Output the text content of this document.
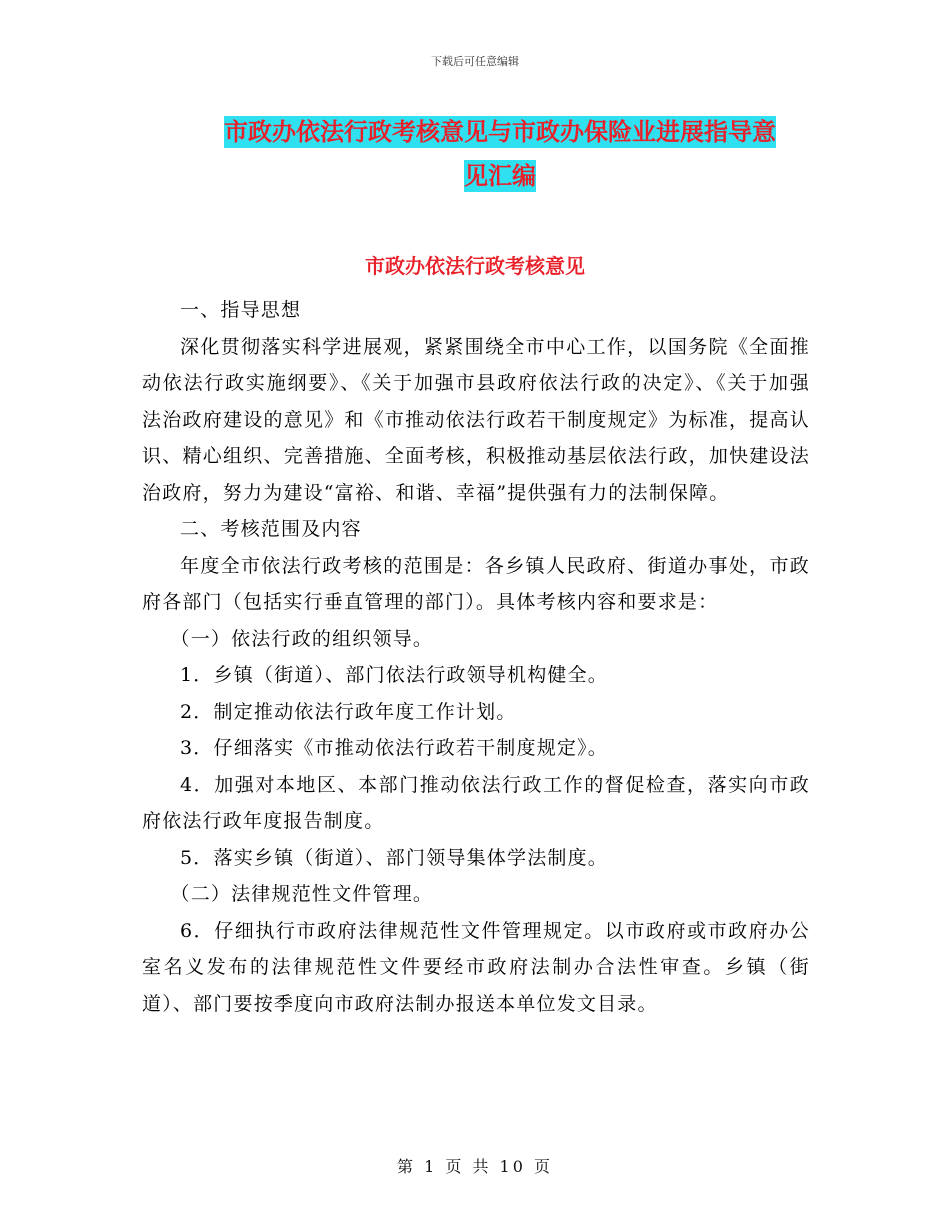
下载后可任意编辑
市政办依法行政考核意见与市政办保险业进展指导意
见汇编
市政办依法行政考核意见

一、指导思想

深化贯彻落实科学进展观，紧紧围绕全市中心工作，以国务院《全面推动依法行政实施纲要》、《关于加强市县政府依法行政的决定》、《关于加强法治政府建设的意见》和《市推动依法行政若干制度规定》为标准，提高认识、精心组织、完善措施、全面考核，积极推动基层依法行政，加快建设法治政府，努力为建设“富裕、和谐、幸福”提供强有力的法制保障。

二、考核范围及内容

年度全市依法行政考核的范围是：各乡镇人民政府、街道办事处，市政府各部门（包括实行垂直管理的部门）。具体考核内容和要求是：

（一）依法行政的组织领导。

1．乡镇（街道）、部门依法行政领导机构健全。

2．制定推动依法行政年度工作计划。

3．仔细落实《市推动依法行政若干制度规定》。

4．加强对本地区、本部门推动依法行政工作的督促检查，落实向市政府依法行政年度报告制度。

5．落实乡镇（街道）、部门领导集体学法制度。

（二）法律规范性文件管理。

6．仔细执行市政府法律规范性文件管理规定。以市政府或市政府办公室名义发布的法律规范性文件要经市政府法制办合法性审查。乡镇（街道）、部门要按季度向市政府法制办报送本单位发文目录。

第 1 页 共 10 页
